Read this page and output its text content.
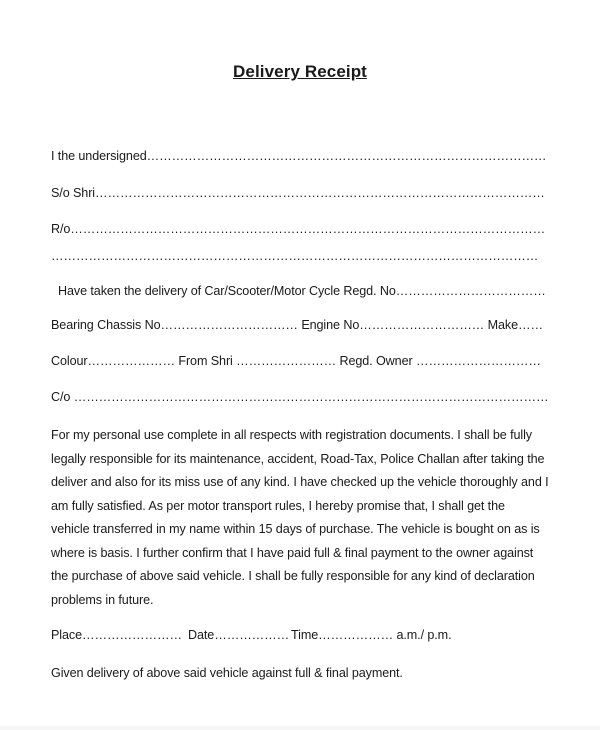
Delivery Receipt
I the undersigned……………………………………………………………………………………
S/o Shri………………………………………………………………………………………………
R/o……………………………………………………………………………………………………
………………………………………………………………………………………………………
Have taken the delivery of Car/Scooter/Motor Cycle Regd. No………………………………
Bearing Chassis No…………………………… Engine No………………………… Make……
Colour………………… From Shri …………………… Regd. Owner …………………………
C/o ……………………………………………………………………………………………………
For my personal use complete in all respects with registration documents. I shall be fully
legally responsible for its maintenance, accident, Road-Tax, Police Challan after taking the
deliver and also for its miss use of any kind. I have checked up the vehicle thoroughly and I
am fully satisfied. As per motor transport rules, I hereby promise that, I shall get the
vehicle transferred in my name within 15 days of purchase. The vehicle is bought on as is
where is basis. I further confirm that I have paid full & final payment to the owner against
the purchase of above said vehicle. I shall be fully responsible for any kind of declaration
problems in future.
Place…………………… Date……………… Time……………… a.m./ p.m.
Given delivery of above said vehicle against full & final payment.
